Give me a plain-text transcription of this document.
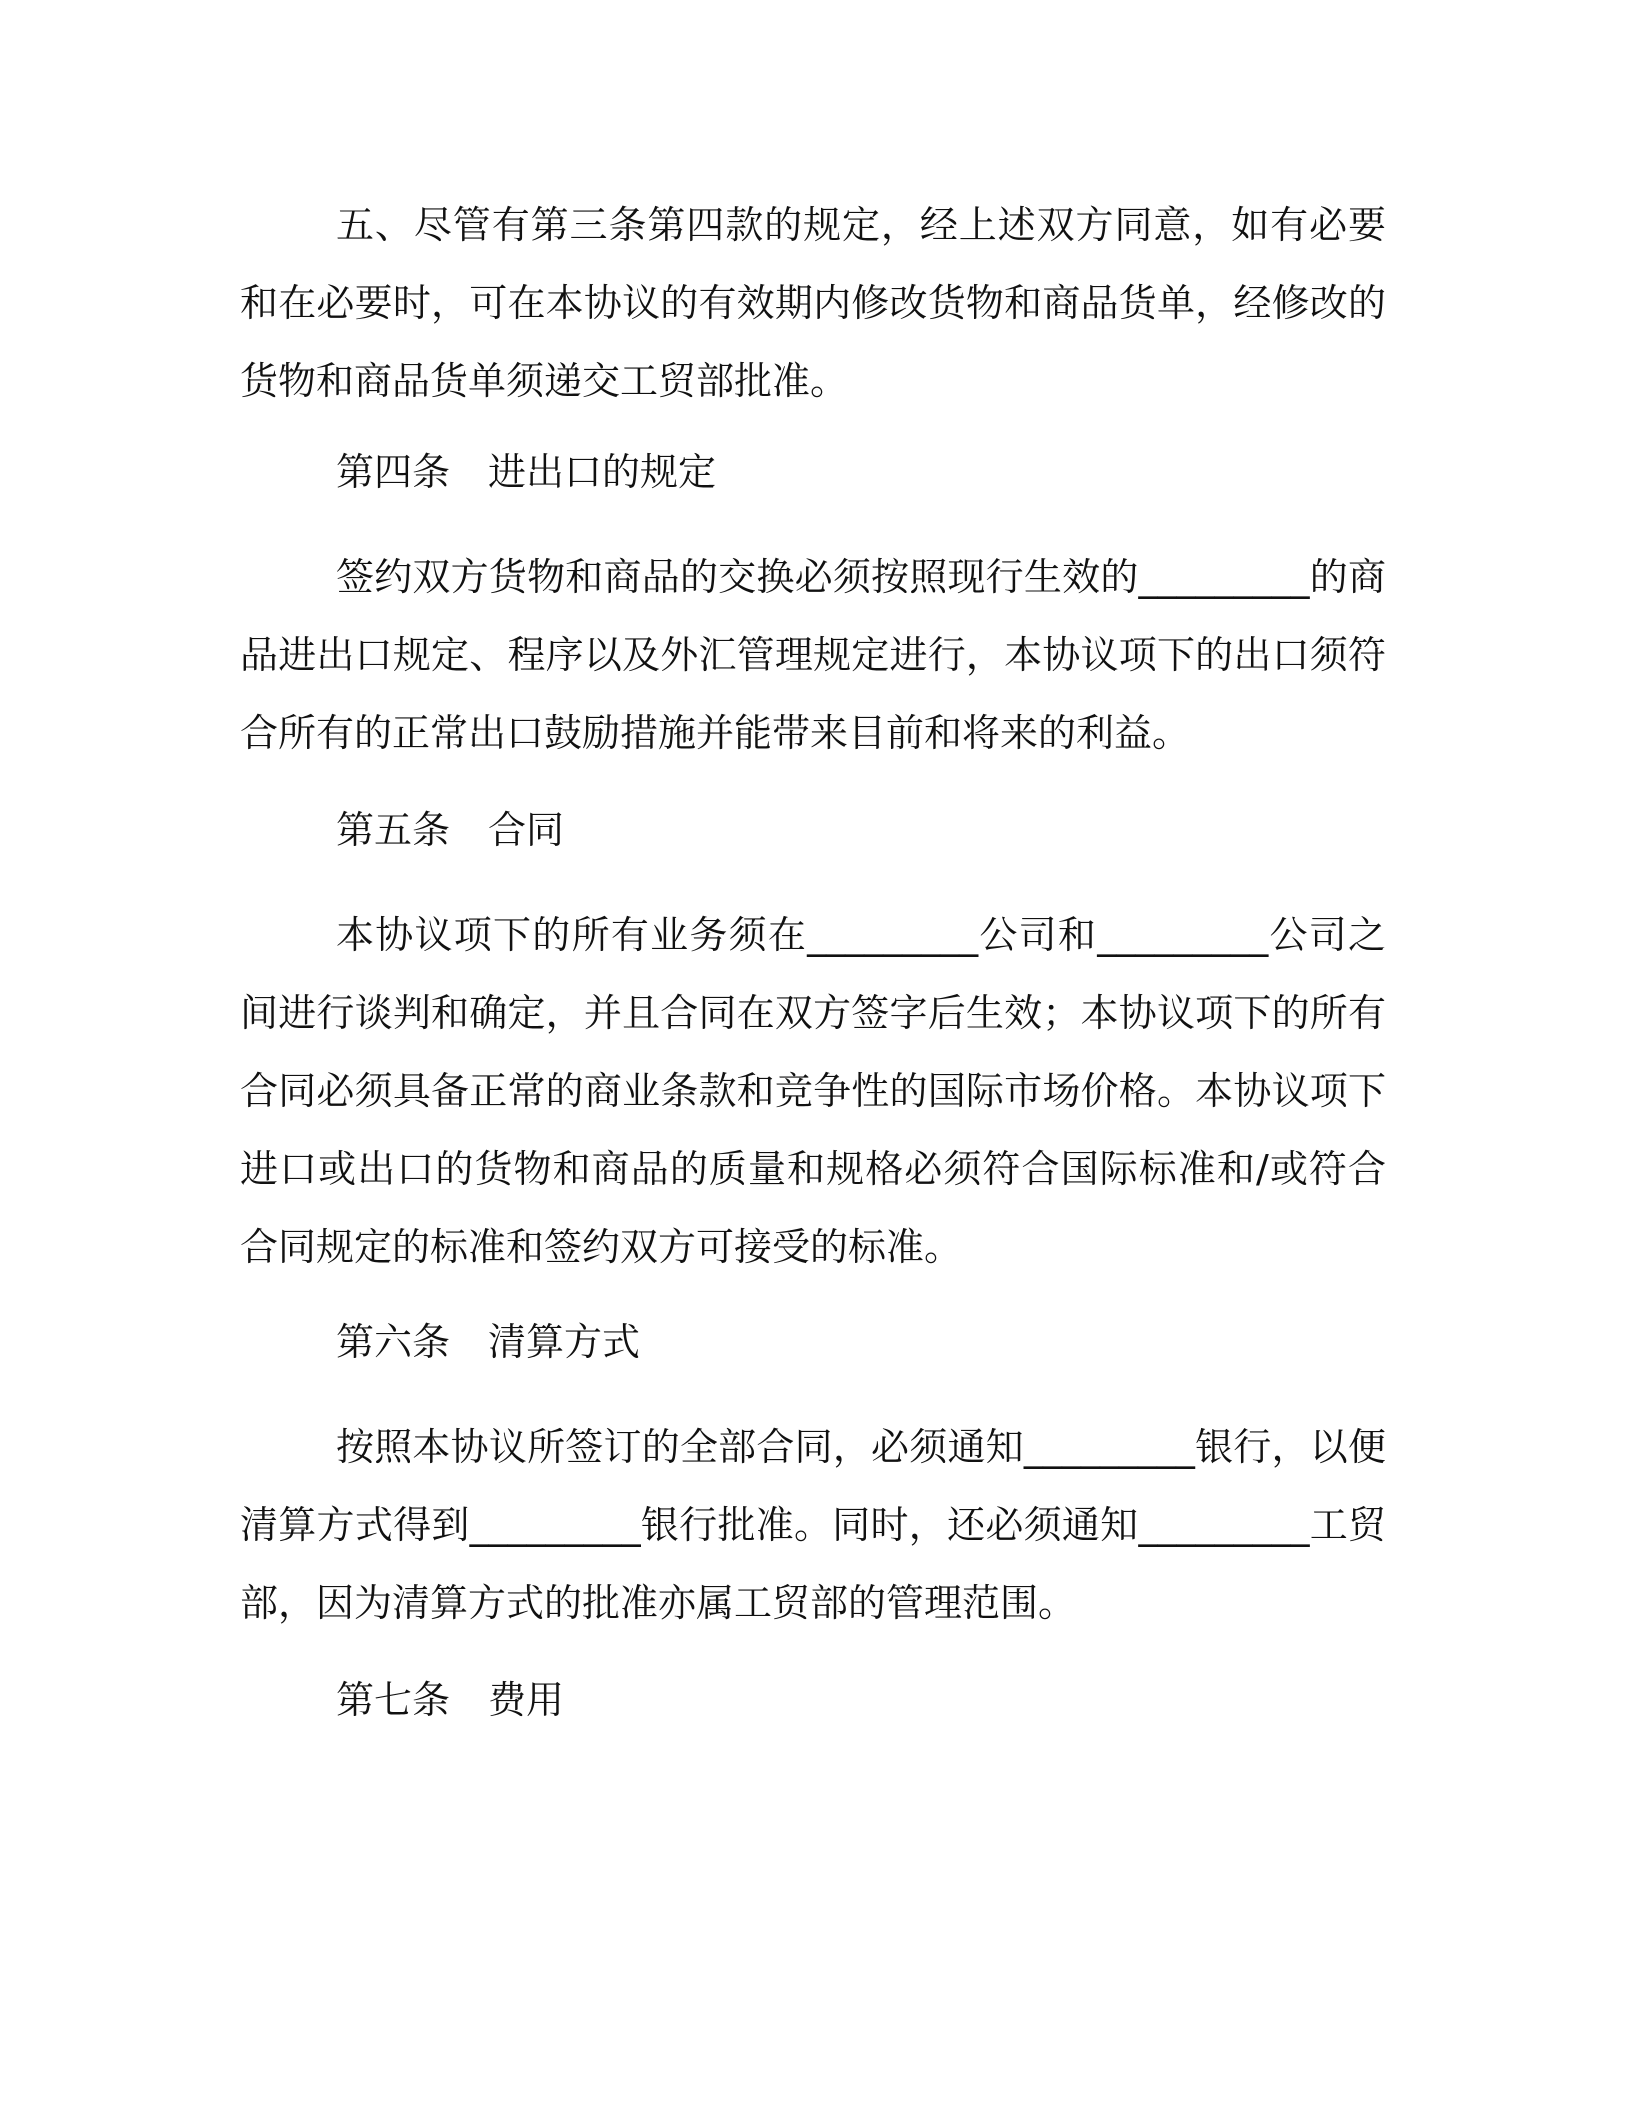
五、尽管有第三条第四款的规定，经上述双方同意，如有必要和在必要时，可在本协议的有效期内修改货物和商品货单，经修改的货物和商品货单须递交工贸部批准。

第四条 进出口的规定

签约双方货物和商品的交换必须按照现行生效的_________的商品进出口规定、程序以及外汇管理规定进行，本协议项下的出口须符合所有的正常出口鼓励措施并能带来目前和将来的利益。

第五条 合同

本协议项下的所有业务须在_________公司和_________公司之间进行谈判和确定，并且合同在双方签字后生效；本协议项下的所有合同必须具备正常的商业条款和竞争性的国际市场价格。本协议项下进口或出口的货物和商品的质量和规格必须符合国际标准和/或符合合同规定的标准和签约双方可接受的标准。

第六条 清算方式

按照本协议所签订的全部合同，必须通知_________银行，以便清算方式得到_________银行批准。同时，还必须通知_________工贸部，因为清算方式的批准亦属工贸部的管理范围。

第七条 费用
